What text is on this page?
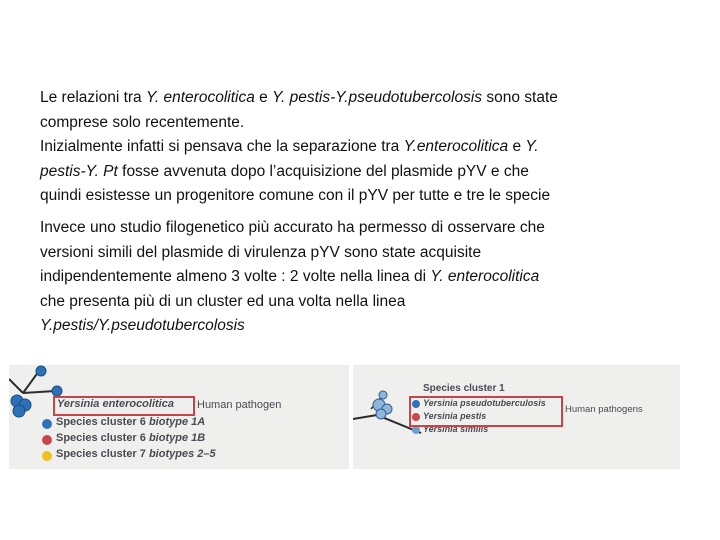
Le relazioni tra Y. enterocolitica e Y. pestis-Y.pseudotubercolosis sono state
comprese solo recentemente.
Inizialmente infatti si pensava che la separazione tra Y.enterocolitica e Y.
pestis-Y. Pt fosse avvenuta dopo l’acquisizione del plasmide pYV e che
quindi esistesse un progenitore comune con il pYV per tutte e tre le specie
Invece uno studio filogenetico più accurato ha permesso di osservare che
versioni simili del plasmide di virulenza pYV sono state acquisite
indipendentemente almeno 3 volte : 2 volte nella linea di Y. enterocolitica
che presenta più di un cluster ed una volta nella linea
Y.pestis/Y.pseudotubercolosis
Yersinia enterocolitica Human pathogen
Species cluster 6 biotype 1A
Species cluster 6 biotype 1B
Species cluster 7 biotypes 2–5
Species cluster 1
Yersinia pseudotuberculosis
Yersinia pestis
Yersinia similis
Human pathogens
